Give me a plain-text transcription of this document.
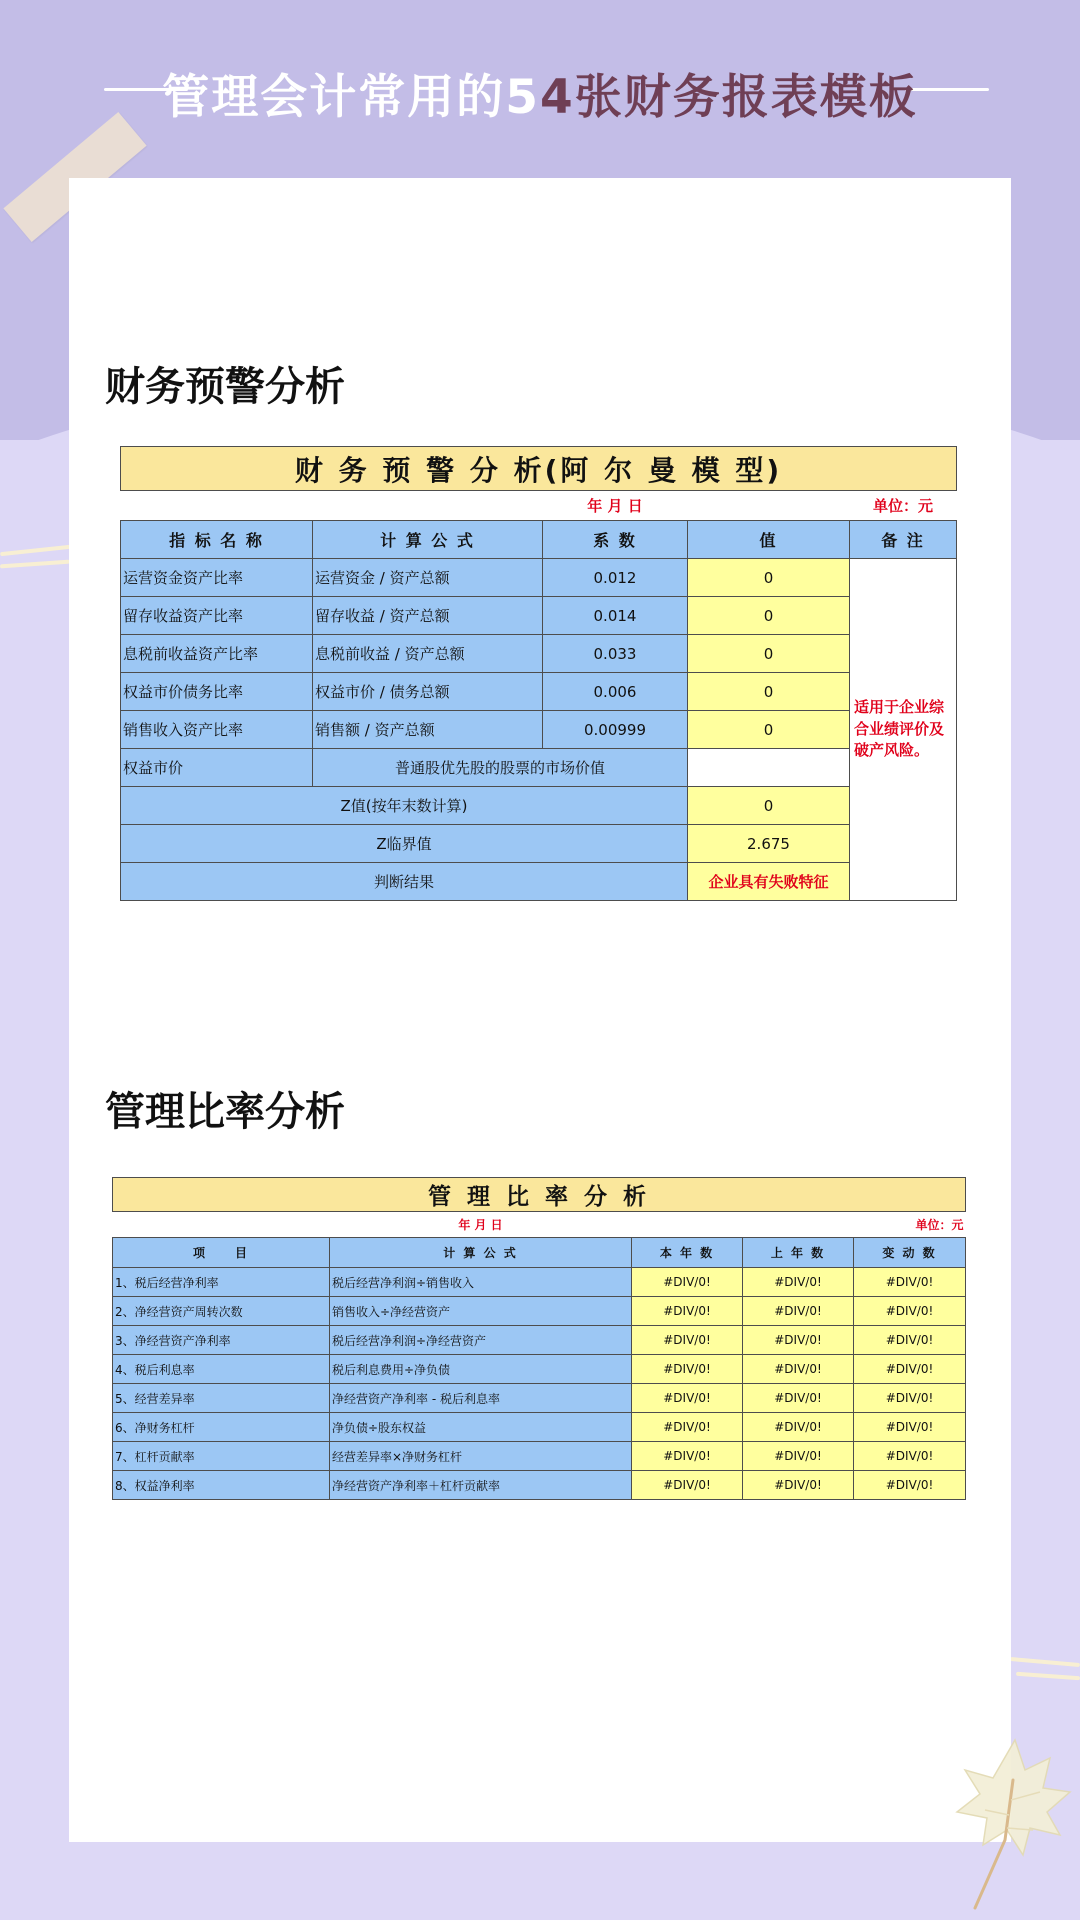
管理会计常用的54张财务报表模板
财务预警分析
财 务 预 警 分 析(阿 尔 曼 模 型)				
		年 月 日		单位：元
指 标 名 称	计 算 公 式	系 数	值	备 注
运营资金资产比率	运营资金 / 资产总额	0.012	0	适用于企业综合业绩评价及破产风险。
留存收益资产比率	留存收益 / 资产总额	0.014	0	
息税前收益资产比率	息税前收益 / 资产总额	0.033	0	
权益市价债务比率	权益市价 / 债务总额	0.006	0	
销售收入资产比率	销售额 / 资产总额	0.00999	0	
权益市价	普通股优先股的股票的市场价值			
Z值(按年末数计算)			0	
Z临界值			2.675	
判断结果			企业具有失败特征	
管理比率分析
管 理 比 率 分 析				
	年 月 日			单位：元
项　　目	计 算 公 式	本 年 数	上 年 数	变 动 数
1、税后经营净利率	税后经营净利润÷销售收入	#DIV/0!	#DIV/0!	#DIV/0!
2、净经营资产周转次数	销售收入÷净经营资产	#DIV/0!	#DIV/0!	#DIV/0!
3、净经营资产净利率	税后经营净利润÷净经营资产	#DIV/0!	#DIV/0!	#DIV/0!
4、税后利息率	税后利息费用÷净负债	#DIV/0!	#DIV/0!	#DIV/0!
5、经营差异率	净经营资产净利率 - 税后利息率	#DIV/0!	#DIV/0!	#DIV/0!
6、净财务杠杆	净负债÷股东权益	#DIV/0!	#DIV/0!	#DIV/0!
7、杠杆贡献率	经营差异率×净财务杠杆	#DIV/0!	#DIV/0!	#DIV/0!
8、权益净利率	净经营资产净利率＋杠杆贡献率	#DIV/0!	#DIV/0!	#DIV/0!
